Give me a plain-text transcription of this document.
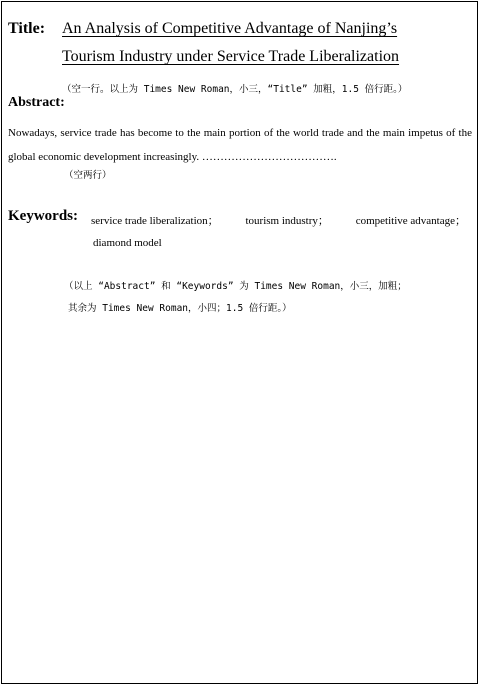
Title: An Analysis of Competitive Advantage of Nanjing’s
Tourism Industry under Service Trade Liberalization
（空一行。以上为 Times New Roman，小三，“Title” 加粗，1.5 倍行距。）
Abstract:
Nowadays, service trade has become to the main portion of the world trade and the main impetus of the global economic development increasingly. ……………………………….
（空两行）
Keywords: service trade liberalization； tourism industry； competitive advantage；
diamond model
（以上 “Abstract” 和 “Keywords” 为 Times New Roman，小三，加粗；
其余为 Times New Roman，小四；1.5 倍行距。）
